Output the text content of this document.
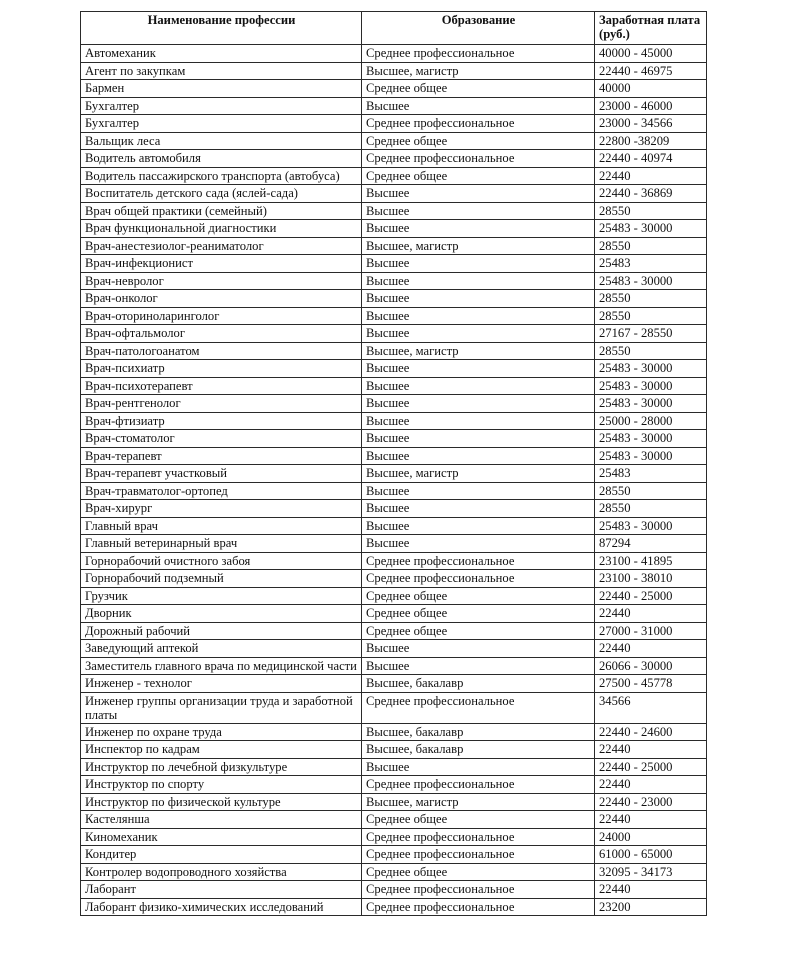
Наименование профессии	Образование	Заработная плата (руб.)
Автомеханик	Среднее профессиональное	40000 - 45000
Агент по закупкам	Высшее, магистр	22440 - 46975
Бармен	Среднее общее	40000
Бухгалтер	Высшее	23000 - 46000
Бухгалтер	Среднее профессиональное	23000 - 34566
Вальщик леса	Среднее общее	22800 -38209
Водитель автомобиля	Среднее профессиональное	22440 - 40974
Водитель пассажирского транспорта (автобуса)	Среднее общее	22440
Воспитатель детского сада (яслей-сада)	Высшее	22440 - 36869
Врач общей практики (семейный)	Высшее	28550
Врач функциональной диагностики	Высшее	25483 - 30000
Врач-анестезиолог-реаниматолог	Высшее, магистр	28550
Врач-инфекционист	Высшее	25483
Врач-невролог	Высшее	25483 - 30000
Врач-онколог	Высшее	28550
Врач-оториноларинголог	Высшее	28550
Врач-офтальмолог	Высшее	27167 - 28550
Врач-патологоанатом	Высшее, магистр	28550
Врач-психиатр	Высшее	25483 - 30000
Врач-психотерапевт	Высшее	25483 - 30000
Врач-рентгенолог	Высшее	25483 - 30000
Врач-фтизиатр	Высшее	25000 - 28000
Врач-стоматолог	Высшее	25483 - 30000
Врач-терапевт	Высшее	25483 - 30000
Врач-терапевт участковый	Высшее, магистр	25483
Врач-травматолог-ортопед	Высшее	28550
Врач-хирург	Высшее	28550
Главный врач	Высшее	25483 - 30000
Главный ветеринарный врач	Высшее	87294
Горнорабочий очистного забоя	Среднее профессиональное	23100 - 41895
Горнорабочий подземный	Среднее профессиональное	23100 - 38010
Грузчик	Среднее общее	22440 - 25000
Дворник	Среднее общее	22440
Дорожный рабочий	Среднее общее	27000 - 31000
Заведующий аптекой	Высшее	22440
Заместитель главного врача по медицинской части	Высшее	26066 - 30000
Инженер - технолог	Высшее, бакалавр	27500 - 45778
Инженер группы организации труда и заработной платы	Среднее профессиональное	34566
Инженер по охране труда	Высшее, бакалавр	22440 - 24600
Инспектор по кадрам	Высшее, бакалавр	22440
Инструктор по лечебной физкультуре	Высшее	22440 - 25000
Инструктор по спорту	Среднее профессиональное	22440
Инструктор по физической культуре	Высшее, магистр	22440 - 23000
Кастелянша	Среднее общее	22440
Киномеханик	Среднее профессиональное	24000
Кондитер	Среднее профессиональное	61000 - 65000
Контролер водопроводного хозяйства	Среднее общее	32095 - 34173
Лаборант	Среднее профессиональное	22440
Лаборант физико-химических исследований	Среднее профессиональное	23200
